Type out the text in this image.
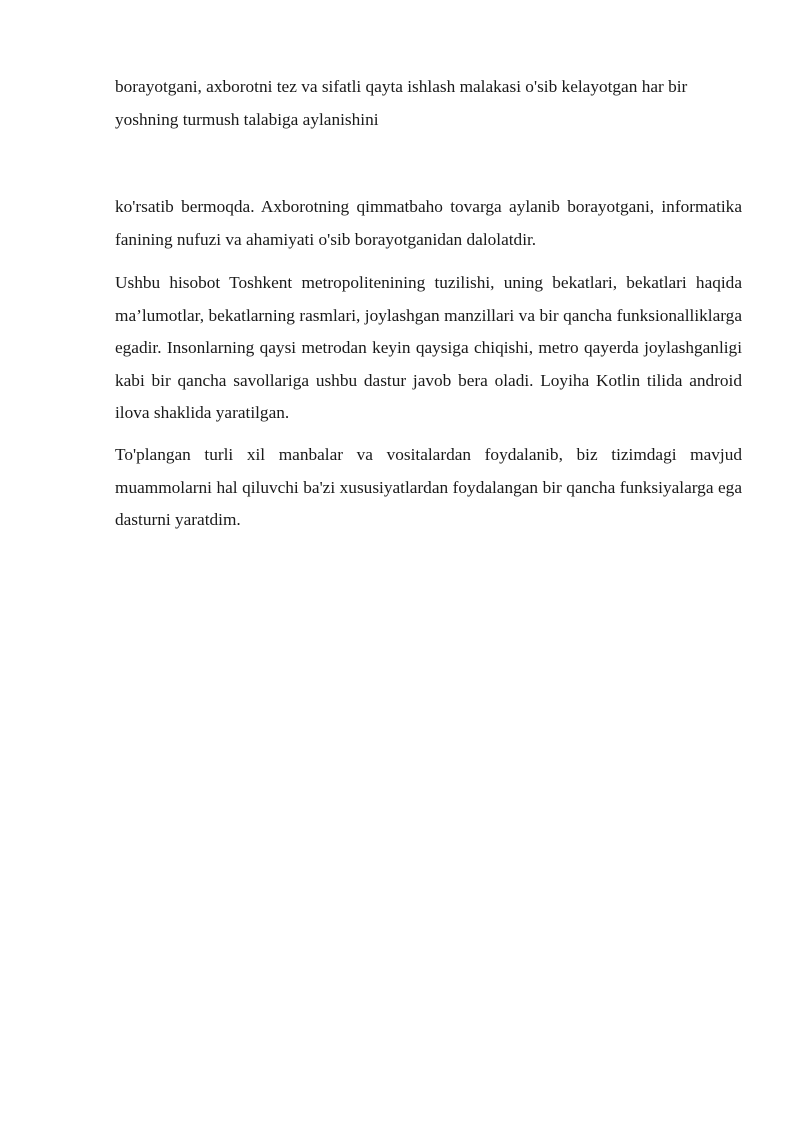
borayotgani, axborotni tez va sifatli qayta ishlash malakasi o'sib kelayotgan har bir yoshning turmush talabiga aylanishini

ko'rsatib bermoqda. Axborotning qimmatbaho tovarga aylanib borayotgani, informatika fanining nufuzi va ahamiyati o'sib borayotganidan dalolatdir.

Ushbu hisobot Toshkent metropolitenining tuzilishi, uning bekatlari, bekatlari haqida ma’lumotlar, bekatlarning rasmlari, joylashgan manzillari va bir qancha funksionalliklarga egadir. Insonlarning qaysi metrodan keyin qaysiga chiqishi, metro qayerda joylashganligi kabi bir qancha savollariga ushbu dastur javob bera oladi. Loyiha Kotlin tilida android ilova shaklida yaratilgan.

To'plangan turli xil manbalar va vositalardan foydalanib, biz tizimdagi mavjud muammolarni hal qiluvchi ba'zi xususiyatlardan foydalangan bir qancha funksiyalarga ega dasturni yaratdim.
